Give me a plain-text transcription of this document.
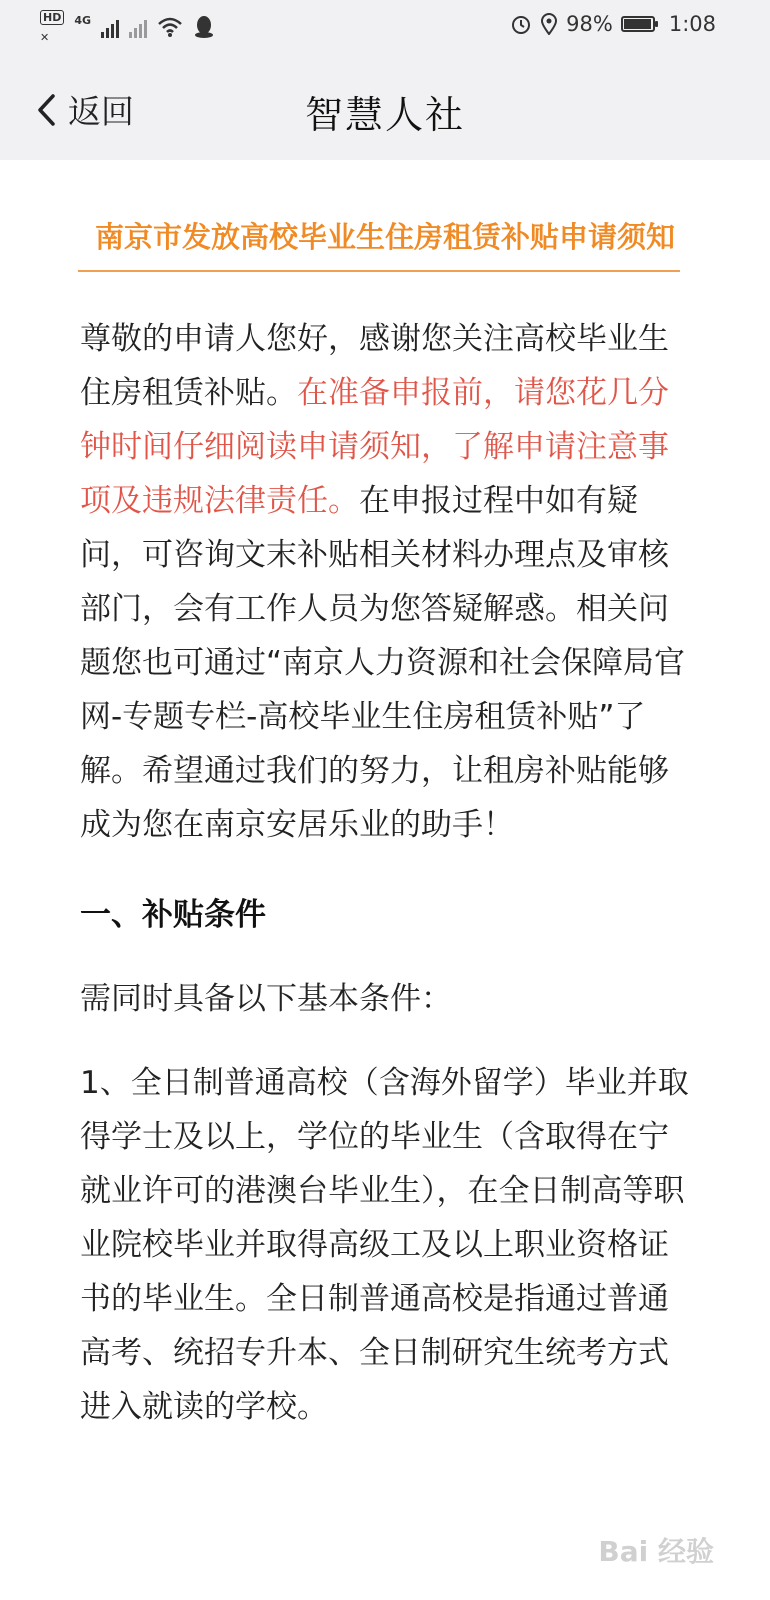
HD
✕
4G	98%	1:08
返回	智慧人社
南京市发放高校毕业生住房租赁补贴申请须知

尊敬的申请人您好，感谢您关注高校毕业生住房租赁补贴。在准备申报前，请您花几分钟时间仔细阅读申请须知，了解申请注意事项及违规法律责任。在申报过程中如有疑问，可咨询文末补贴相关材料办理点及审核部门，会有工作人员为您答疑解惑。相关问题您也可通过“南京人力资源和社会保障局官网-专题专栏-高校毕业生住房租赁补贴”了解。希望通过我们的努力，让租房补贴能够成为您在南京安居乐业的助手！

一、补贴条件

需同时具备以下基本条件：

1、全日制普通高校（含海外留学）毕业并取得学士及以上，学位的毕业生（含取得在宁就业许可的港澳台毕业生），在全日制高等职业院校毕业并取得高级工及以上职业资格证书的毕业生。全日制普通高校是指通过普通高考、统招专升本、全日制研究生统考方式进入就读的学校。

Bai 经验
